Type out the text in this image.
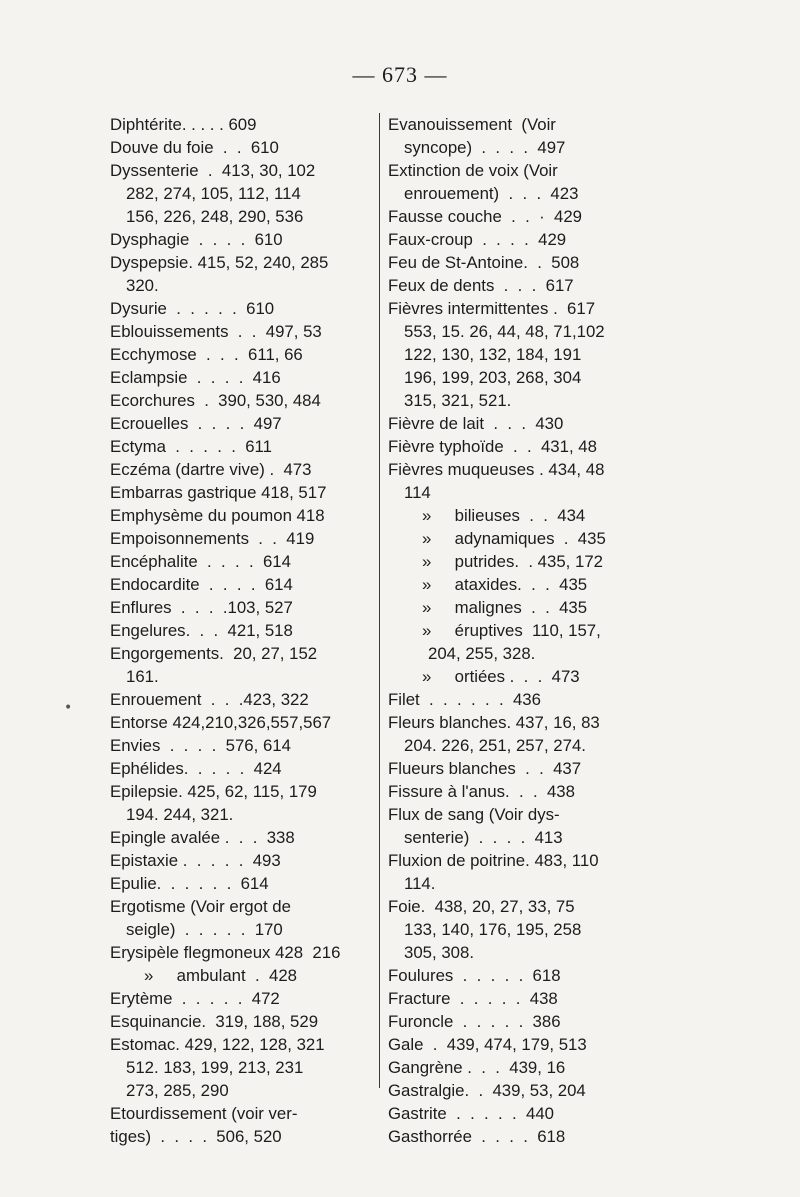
— 673 —
•
Diphtérite. . . . . 609
Douve du foie  .  .  610
Dyssenterie  .  413, 30, 102
282, 274, 105, 112, 114
156, 226, 248, 290, 536
Dysphagie  .  .  .  .  610
Dyspepsie. 415, 52, 240, 285
320.
Dysurie  .  .  .  .  .  610
Eblouissements  .  .  497, 53
Ecchymose  .  .  .  611, 66
Eclampsie  .  .  .  .  416
Ecorchures  .  390, 530, 484
Ecrouelles  .  .  .  .  497
Ectyma  .  .  .  .  .  611
Eczéma (dartre vive) .  473
Embarras gastrique 418, 517
Emphysème du poumon 418
Empoisonnements  .  .  419
Encéphalite  .  .  .  .  614
Endocardite  .  .  .  .  614
Enflures  .  .  .  .103, 527
Engelures.  .  .  421, 518
Engorgements.  20, 27, 152
161.
Enrouement  .  .  .423, 322
Entorse 424,210,326,557,567
Envies  .  .  .  .  576, 614
Ephélides.  .  .  .  .  424
Epilepsie. 425, 62, 115, 179
194. 244, 321.
Epingle avalée .  .  .  338
Epistaxie .  .  .  .  .  493
Epulie.  .  .  .  .  .  614
Ergotisme (Voir ergot de
seigle)  .  .  .  .  .  170
Erysipèle flegmoneux 428  216
»     ambulant  .  428
Erytème  .  .  .  .  .  472
Esquinancie.  319, 188, 529
Estomac. 429, 122, 128, 321
512. 183, 199, 213, 231
273, 285, 290
Etourdissement (voir ver-
tiges)  .  .  .  .  506, 520
Evanouissement  (Voir
syncope)  .  .  .  .  497
Extinction de voix (Voir
enrouement)  .  .  .  423
Fausse couche  .  .  ·  429
Faux-croup  .  .  .  .  429
Feu de St-Antoine.  .  508
Feux de dents  .  .  .  617
Fièvres intermittentes .  617
553, 15. 26, 44, 48, 71,102
122, 130, 132, 184, 191
196, 199, 203, 268, 304
315, 321, 521.
Fièvre de lait  .  .  .  430
Fièvre typhoïde  .  .  431, 48
Fièvres muqueuses . 434, 48
114
»     bilieuses  .  .  434
»     adynamiques  .  435
»     putrides.  . 435, 172
»     ataxides.  .  .  435
»     malignes  .  .  435
»     éruptives  110, 157,
204, 255, 328.
»     ortiées .  .  .  473
Filet  .  .  .  .  .  .  436
Fleurs blanches. 437, 16, 83
204. 226, 251, 257, 274.
Flueurs blanches  .  .  437
Fissure à l'anus.  .  .  438
Flux de sang (Voir dys-
senterie)  .  .  .  .  413
Fluxion de poitrine. 483, 110
114.
Foie.  438, 20, 27, 33, 75
133, 140, 176, 195, 258
305, 308.
Foulures  .  .  .  .  .  618
Fracture  .  .  .  .  .  438
Furoncle  .  .  .  .  .  386
Gale  .  439, 474, 179, 513
Gangrène .  .  .  439, 16
Gastralgie.  .  439, 53, 204
Gastrite  .  .  .  .  .  440
Gasthorrée  .  .  .  .  618
